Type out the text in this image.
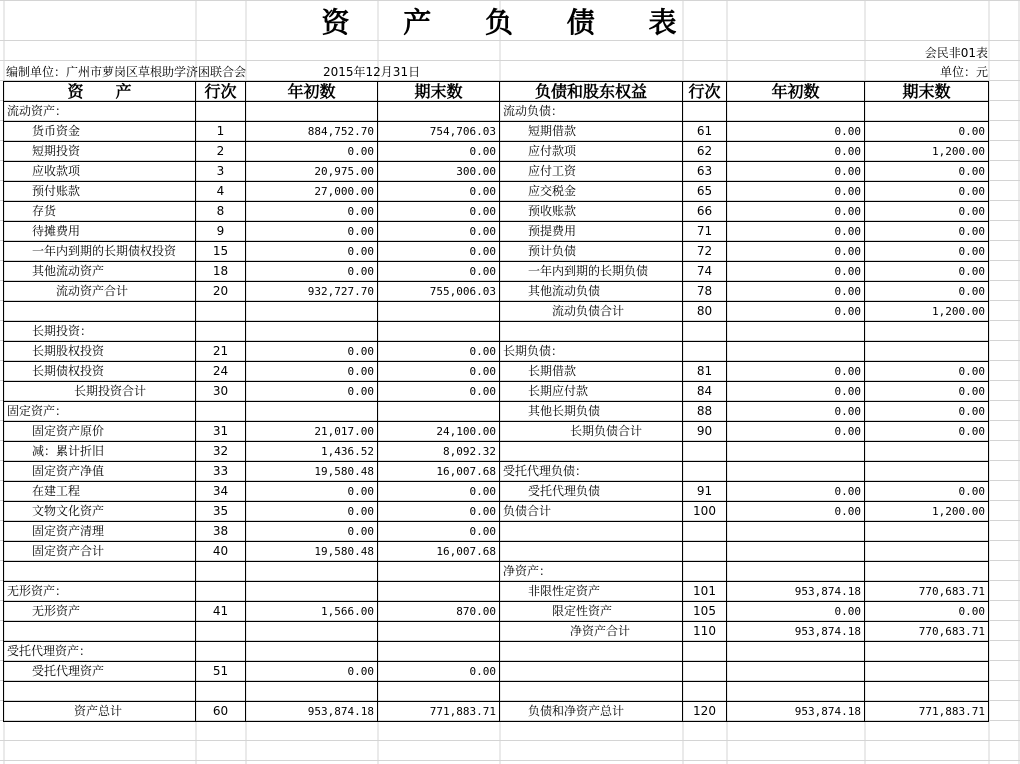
资 产 负 债 表
会民非01表
编制单位：广州市萝岗区草根助学济困联合会	2015年12月31日	单位：元
资　　产	行次	年初数	期末数	负债和股东权益	行次	年初数	期末数
流动资产：				流动负债：			
货币资金	1	884,752.70	754,706.03	短期借款	61	0.00	0.00
短期投资	2	0.00	0.00	应付款项	62	0.00	1,200.00
应收款项	3	20,975.00	300.00	应付工资	63	0.00	0.00
预付账款	4	27,000.00	0.00	应交税金	65	0.00	0.00
存货	8	0.00	0.00	预收账款	66	0.00	0.00
待摊费用	9	0.00	0.00	预提费用	71	0.00	0.00
一年内到期的长期债权投资	15	0.00	0.00	预计负债	72	0.00	0.00
其他流动资产	18	0.00	0.00	一年内到期的长期负债	74	0.00	0.00
流动资产合计	20	932,727.70	755,006.03	其他流动负债	78	0.00	0.00
				流动负债合计	80	0.00	1,200.00
长期投资：							
长期股权投资	21	0.00	0.00	长期负债：			
长期债权投资	24	0.00	0.00	长期借款	81	0.00	0.00
长期投资合计	30	0.00	0.00	长期应付款	84	0.00	0.00
固定资产：				其他长期负债	88	0.00	0.00
固定资产原价	31	21,017.00	24,100.00	长期负债合计	90	0.00	0.00
减：累计折旧	32	1,436.52	8,092.32				
固定资产净值	33	19,580.48	16,007.68	受托代理负债：			
在建工程	34	0.00	0.00	受托代理负债	91	0.00	0.00
文物文化资产	35	0.00	0.00	负债合计	100	0.00	1,200.00
固定资产清理	38	0.00	0.00				
固定资产合计	40	19,580.48	16,007.68				
				净资产：			
无形资产：				非限性定资产	101	953,874.18	770,683.71
无形资产	41	1,566.00	870.00	限定性资产	105	0.00	0.00
				净资产合计	110	953,874.18	770,683.71
受托代理资产：							
受托代理资产	51	0.00	0.00				

资产总计	60	953,874.18	771,883.71	负债和净资产总计	120	953,874.18	771,883.71
